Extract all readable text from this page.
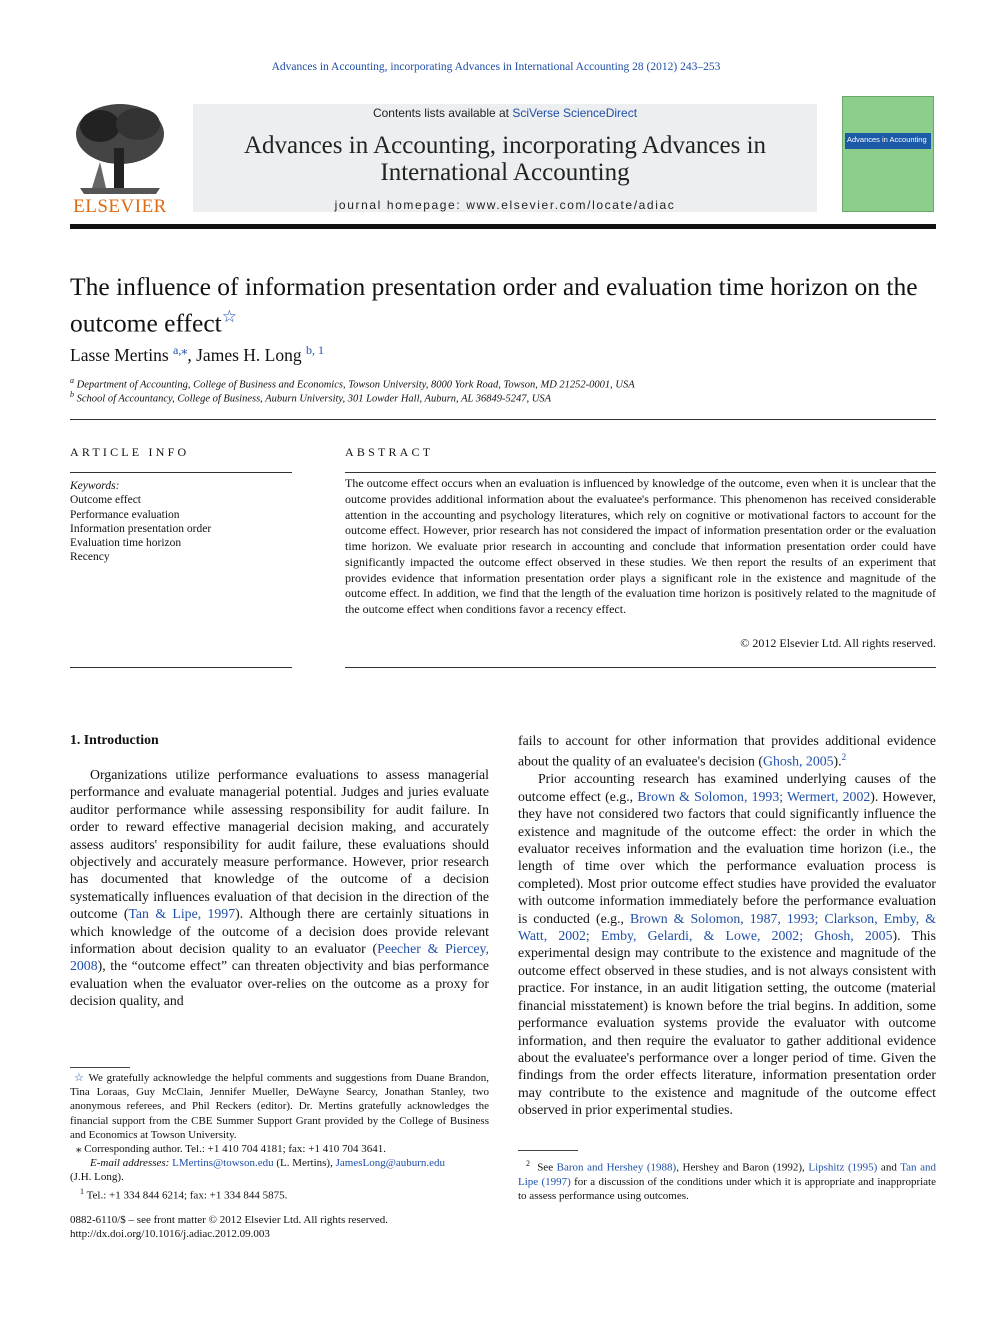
Advances in Accounting, incorporating Advances in International Accounting 28 (2012) 243–253
ELSEVIER
Contents lists available at SciVerse ScienceDirect
Advances in Accounting, incorporating Advances in International Accounting
journal homepage: www.elsevier.com/locate/adiac
Advances in Accounting
The influence of information presentation order and evaluation time horizon on the outcome effect☆
Lasse Mertins $^{a,⁎}$, James H. Long $^{b, 1}$
$^a$ Department of Accounting, College of Business and Economics, Towson University, 8000 York Road, Towson, MD 21252-0001, USA
$^b$ School of Accountancy, College of Business, Auburn University, 301 Lowder Hall, Auburn, AL 36849-5247, USA
ARTICLE INFO
Keywords:
Outcome effect
Performance evaluation
Information presentation order
Evaluation time horizon
Recency
ABSTRACT
The outcome effect occurs when an evaluation is influenced by knowledge of the outcome, even when it is unclear that the outcome provides additional information about the evaluatee's performance. This phenomenon has received considerable attention in the accounting and psychology literatures, which rely on cognitive or motivational factors to account for the outcome effect. However, prior research has not considered the impact of information presentation order or the evaluation time horizon. We evaluate prior research in accounting and conclude that information presentation order could have significantly impacted the outcome effect observed in these studies. We then report the results of an experiment that provides evidence that information presentation order plays a significant role in the existence and magnitude of the outcome effect. In addition, we find that the length of the evaluation time horizon is positively related to the magnitude of the outcome effect when conditions favor a recency effect.
© 2012 Elsevier Ltd. All rights reserved.
1. Introduction

Organizations utilize performance evaluations to assess managerial performance and evaluate managerial potential. Judges and juries evaluate auditor performance while assessing responsibility for audit failure. In order to reward effective managerial decision making, and accurately assess auditors' responsibility for audit failure, these evaluations should objectively and accurately measure performance. However, prior research has documented that knowledge of the outcome of a decision systematically influences evaluation of that decision in the direction of the outcome (Tan & Lipe, 1997). Although there are certainly situations in which knowledge of the outcome of a decision does provide relevant information about decision quality to an evaluator (Peecher & Piercey, 2008), the “outcome effect” can threaten objectivity and bias performance evaluation when the evaluator over-relies on the outcome as a proxy for decision quality, and

☆ We gratefully acknowledge the helpful comments and suggestions from Duane Brandon, Tina Loraas, Guy McClain, Jennifer Mueller, DeWayne Searcy, Jonathan Stanley, two anonymous referees, and Phil Reckers (editor). Dr. Mertins gratefully acknowledges the financial support from the CBE Summer Support Grant provided by the College of Business and Economics at Towson University.

⁎ Corresponding author. Tel.: +1 410 704 4181; fax: +1 410 704 3641.

E-mail addresses: LMertins@towson.edu (L. Mertins), JamesLong@auburn.edu

(J.H. Long).

$^1$ Tel.: +1 334 844 6214; fax: +1 334 844 5875.

0882-6110/$ – see front matter © 2012 Elsevier Ltd. All rights reserved.
http://dx.doi.org/10.1016/j.adiac.2012.09.003

fails to account for other information that provides additional evidence about the quality of an evaluatee's decision (Ghosh, 2005).$^2$

Prior accounting research has examined underlying causes of the outcome effect (e.g., Brown & Solomon, 1993; Wermert, 2002). However, they have not considered two factors that could significantly influence the existence and magnitude of the outcome effect: the order in which the evaluator receives information and the evaluation time horizon (i.e., the length of time over which the performance evaluation process is completed). Most prior outcome effect studies have provided the evaluator with outcome information immediately before the performance evaluation is conducted (e.g., Brown & Solomon, 1987, 1993; Clarkson, Emby, & Watt, 2002; Emby, Gelardi, & Lowe, 2002; Ghosh, 2005). This experimental design may contribute to the existence and magnitude of the outcome effect observed in these studies, and is not always consistent with practice. For instance, in an audit litigation setting, the outcome (material financial misstatement) is known before the trial begins. In addition, some performance evaluation systems provide the evaluator with outcome information, and then require the evaluator to gather additional evidence about the evaluatee's performance over a longer period of time. Given the findings from the order effects literature, information presentation order may contribute to the existence and magnitude of the outcome effect observed in prior experimental studies.

$^2$ See Baron and Hershey (1988), Hershey and Baron (1992), Lipshitz (1995) and Tan and Lipe (1997) for a discussion of the conditions under which it is appropriate and inappropriate to assess performance using outcomes.
